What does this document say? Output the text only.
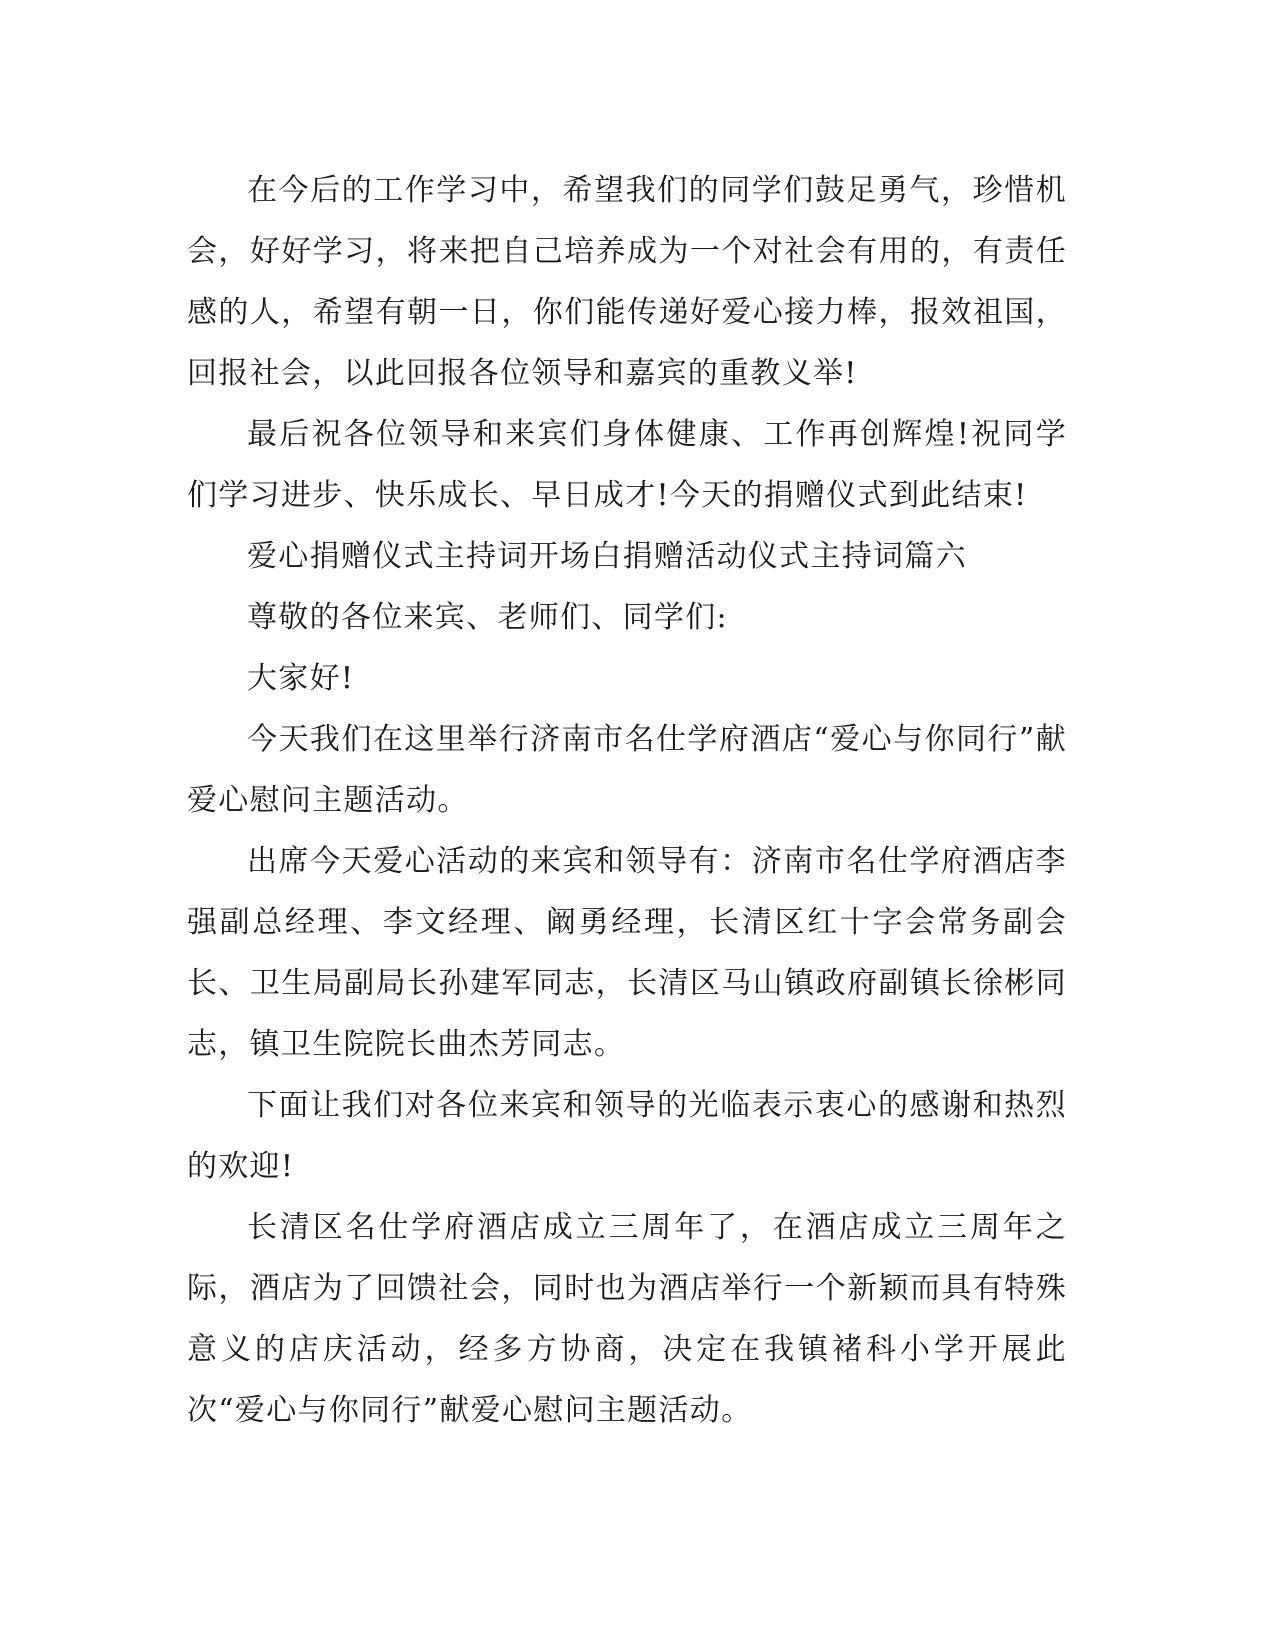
在今后的工作学习中，希望我们的同学们鼓足勇气，珍惜机会，好好学习，将来把自己培养成为一个对社会有用的，有责任感的人，希望有朝一日，你们能传递好爱心接力棒，报效祖国，回报社会，以此回报各位领导和嘉宾的重教义举!

最后祝各位领导和来宾们身体健康、工作再创辉煌!祝同学们学习进步、快乐成长、早日成才!今天的捐赠仪式到此结束!

爱心捐赠仪式主持词开场白捐赠活动仪式主持词篇六

尊敬的各位来宾、老师们、同学们:

大家好!

今天我们在这里举行济南市名仕学府酒店“爱心与你同行”献爱心慰问主题活动。

出席今天爱心活动的来宾和领导有：济南市名仕学府酒店李强副总经理、李文经理、阚勇经理，长清区红十字会常务副会长、卫生局副局长孙建军同志，长清区马山镇政府副镇长徐彬同志，镇卫生院院长曲杰芳同志。

下面让我们对各位来宾和领导的光临表示衷心的感谢和热烈的欢迎!

长清区名仕学府酒店成立三周年了，在酒店成立三周年之际，酒店为了回馈社会，同时也为酒店举行一个新颖而具有特殊意义的店庆活动，经多方协商，决定在我镇褚科小学开展此次“爱心与你同行”献爱心慰问主题活动。
